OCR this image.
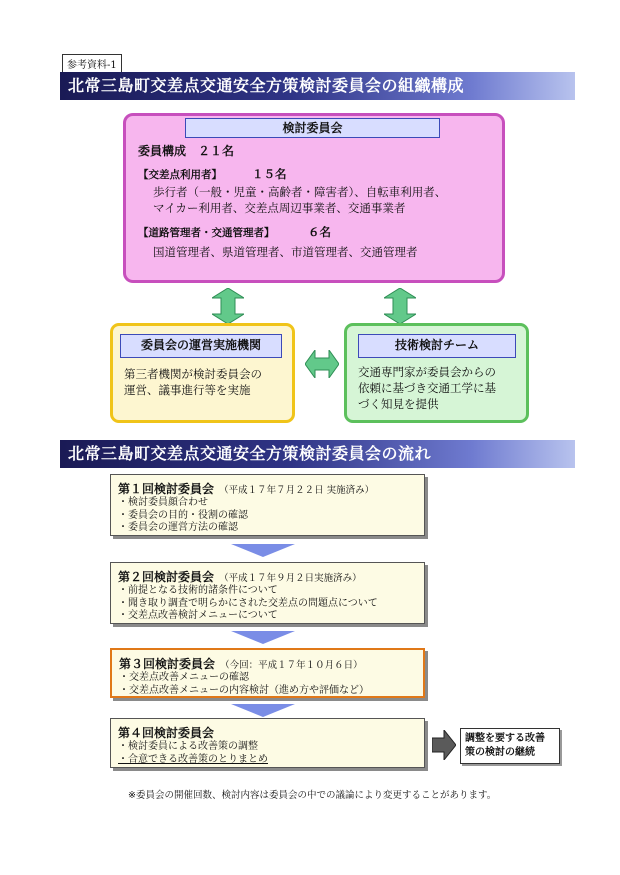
参考資料-1
北常三島町交差点交通安全方策検討委員会の組織構成
検討委員会
委員構成　２１名
【交差点利用者】	１５名
歩行者（一般・児童・高齢者・障害者）、自転車利用者、
マイカー利用者、交差点周辺事業者、交通事業者
【道路管理者・交通管理者】	６名
国道管理者、県道管理者、市道管理者、交通管理者
委員会の運営実施機関
第三者機関が検討委員会の
運営、議事進行等を実施
技術検討チーム
交通専門家が委員会からの
依頼に基づき交通工学に基
づく知見を提供
北常三島町交差点交通安全方策検討委員会の流れ
第１回検討委員会 （平成１７年７月２２日 実施済み）
・検討委員顔合わせ
・委員会の目的・役割の確認
・委員会の運営方法の確認
第２回検討委員会 （平成１７年９月２日実施済み）
・前提となる技術的諸条件について
・聞き取り調査で明らかにされた交差点の問題点について
・交差点改善検討メニューについて
第３回検討委員会 （今回：平成１７年１０月６日）
・交差点改善メニューの確認
・交差点改善メニューの内容検討（進め方や評価など）
第４回検討委員会
・検討委員による改善策の調整
・合意できる改善策のとりまとめ
調整を要する改善
策の検討の継続
※委員会の開催回数、検討内容は委員会の中での議論により変更することがあります。
